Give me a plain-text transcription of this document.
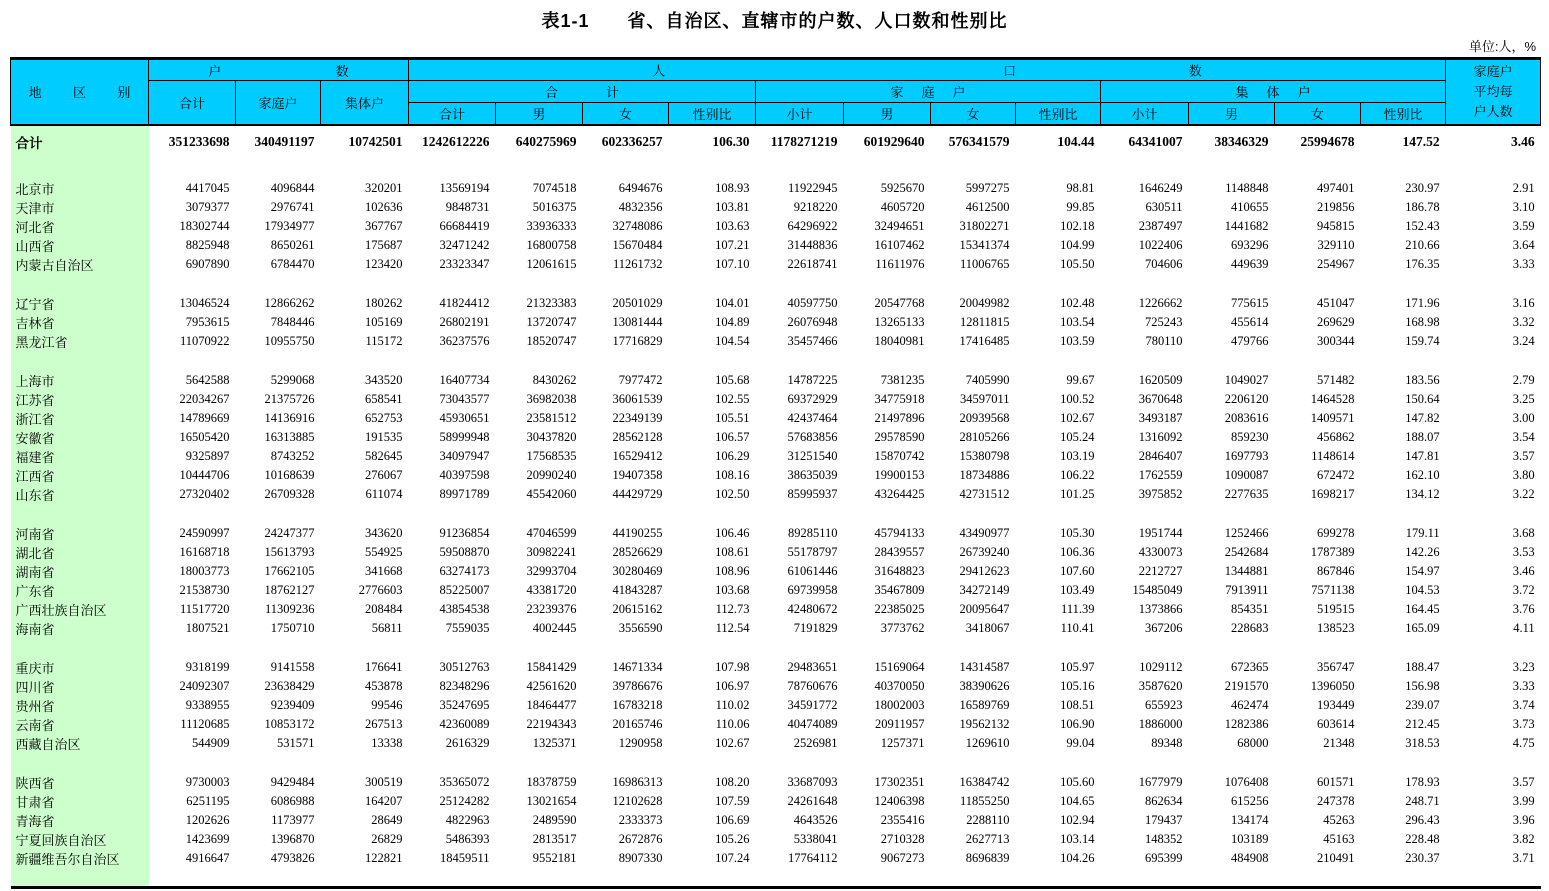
表1-1　　省、自治区、直辖市的户数、人口数和性别比
单位:人，%
地 区 别

户	数	人	口	数	家庭户
平均每
户人数

	合计	家庭户	集体户	合 计				家 庭 户				集 体 户				

				合计	男	女	性别比	小计	男	女	性别比	小计	男	女	性别比	
合计	351233698	340491197	10742501	1242612226	640275969	602336257	106.30	1178271219	601929640	576341579	104.44	64341007	38346329	25994678	147.52	3.46

北京市	4417045	4096844	320201	13569194	7074518	6494676	108.93	11922945	5925670	5997275	98.81	1646249	1148848	497401	230.97	2.91
天津市	3079377	2976741	102636	9848731	5016375	4832356	103.81	9218220	4605720	4612500	99.85	630511	410655	219856	186.78	3.10
河北省	18302744	17934977	367767	66684419	33936333	32748086	103.63	64296922	32494651	31802271	102.18	2387497	1441682	945815	152.43	3.59
山西省	8825948	8650261	175687	32471242	16800758	15670484	107.21	31448836	16107462	15341374	104.99	1022406	693296	329110	210.66	3.64
内蒙古自治区	6907890	6784470	123420	23323347	12061615	11261732	107.10	22618741	11611976	11006765	105.50	704606	449639	254967	176.35	3.33

辽宁省	13046524	12866262	180262	41824412	21323383	20501029	104.01	40597750	20547768	20049982	102.48	1226662	775615	451047	171.96	3.16
吉林省	7953615	7848446	105169	26802191	13720747	13081444	104.89	26076948	13265133	12811815	103.54	725243	455614	269629	168.98	3.32
黑龙江省	11070922	10955750	115172	36237576	18520747	17716829	104.54	35457466	18040981	17416485	103.59	780110	479766	300344	159.74	3.24

上海市	5642588	5299068	343520	16407734	8430262	7977472	105.68	14787225	7381235	7405990	99.67	1620509	1049027	571482	183.56	2.79
江苏省	22034267	21375726	658541	73043577	36982038	36061539	102.55	69372929	34775918	34597011	100.52	3670648	2206120	1464528	150.64	3.25
浙江省	14789669	14136916	652753	45930651	23581512	22349139	105.51	42437464	21497896	20939568	102.67	3493187	2083616	1409571	147.82	3.00
安徽省	16505420	16313885	191535	58999948	30437820	28562128	106.57	57683856	29578590	28105266	105.24	1316092	859230	456862	188.07	3.54
福建省	9325897	8743252	582645	34097947	17568535	16529412	106.29	31251540	15870742	15380798	103.19	2846407	1697793	1148614	147.81	3.57
江西省	10444706	10168639	276067	40397598	20990240	19407358	108.16	38635039	19900153	18734886	106.22	1762559	1090087	672472	162.10	3.80
山东省	27320402	26709328	611074	89971789	45542060	44429729	102.50	85995937	43264425	42731512	101.25	3975852	2277635	1698217	134.12	3.22

河南省	24590997	24247377	343620	91236854	47046599	44190255	106.46	89285110	45794133	43490977	105.30	1951744	1252466	699278	179.11	3.68
湖北省	16168718	15613793	554925	59508870	30982241	28526629	108.61	55178797	28439557	26739240	106.36	4330073	2542684	1787389	142.26	3.53
湖南省	18003773	17662105	341668	63274173	32993704	30280469	108.96	61061446	31648823	29412623	107.60	2212727	1344881	867846	154.97	3.46
广东省	21538730	18762127	2776603	85225007	43381720	41843287	103.68	69739958	35467809	34272149	103.49	15485049	7913911	7571138	104.53	3.72
广西壮族自治区	11517720	11309236	208484	43854538	23239376	20615162	112.73	42480672	22385025	20095647	111.39	1373866	854351	519515	164.45	3.76
海南省	1807521	1750710	56811	7559035	4002445	3556590	112.54	7191829	3773762	3418067	110.41	367206	228683	138523	165.09	4.11

重庆市	9318199	9141558	176641	30512763	15841429	14671334	107.98	29483651	15169064	14314587	105.97	1029112	672365	356747	188.47	3.23
四川省	24092307	23638429	453878	82348296	42561620	39786676	106.97	78760676	40370050	38390626	105.16	3587620	2191570	1396050	156.98	3.33
贵州省	9338955	9239409	99546	35247695	18464477	16783218	110.02	34591772	18002003	16589769	108.51	655923	462474	193449	239.07	3.74
云南省	11120685	10853172	267513	42360089	22194343	20165746	110.06	40474089	20911957	19562132	106.90	1886000	1282386	603614	212.45	3.73
西藏自治区	544909	531571	13338	2616329	1325371	1290958	102.67	2526981	1257371	1269610	99.04	89348	68000	21348	318.53	4.75

陕西省	9730003	9429484	300519	35365072	18378759	16986313	108.20	33687093	17302351	16384742	105.60	1677979	1076408	601571	178.93	3.57
甘肃省	6251195	6086988	164207	25124282	13021654	12102628	107.59	24261648	12406398	11855250	104.65	862634	615256	247378	248.71	3.99
青海省	1202626	1173977	28649	4822963	2489590	2333373	106.69	4643526	2355416	2288110	102.94	179437	134174	45263	296.43	3.96
宁夏回族自治区	1423699	1396870	26829	5486393	2813517	2672876	105.26	5338041	2710328	2627713	103.14	148352	103189	45163	228.48	3.82
新疆维吾尔自治区	4916647	4793826	122821	18459511	9552181	8907330	107.24	17764112	9067273	8696839	104.26	695399	484908	210491	230.37	3.71
